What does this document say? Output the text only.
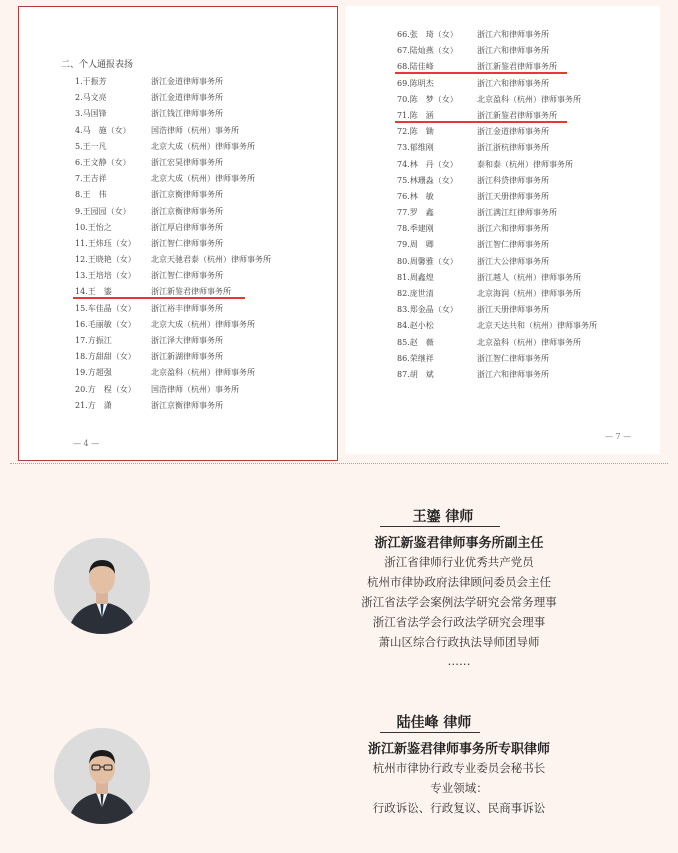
二、个人通报表扬
1.于振芳	浙江金道律师事务所
2.马文亮	浙江金道律师事务所
3.马国锋	浙江钱江律师事务所
4.马　施（女）	国浩律师（杭州）事务所
5.王一凡	北京大成（杭州）律师事务所
6.王文静（女）	浙江宏昊律师事务所
7.王吉祥	北京大成（杭州）律师事务所
8.王　伟	浙江京衡律师事务所
9.王园园（女）	浙江京衡律师事务所
10.王怡之	浙江厚启律师事务所
11.王炜珏（女） 浙江智仁律师事务所
12.王晓艳（女） 北京天驰君泰（杭州）律师事务所
13.王培培（女） 浙江智仁律师事务所
14.王　鎏	浙江新鉴君律师事务所
15.车佳晶（女） 浙江裕丰律师事务所
16.毛丽敏（女） 北京大成（杭州）律师事务所
17.方振江	浙江泽大律师事务所
18.方甜甜（女） 浙江新湖律师事务所
19.方超强	北京盈科（杭州）律师事务所
20.方　程（女） 国浩律师（杭州）事务所
21.方　潇	浙江京衡律师事务所
— 4 —
66.张　琦（女） 浙江六和律师事务所
67.陆灿燕（女） 浙江六和律师事务所
68.陆佳峰	浙江新鉴君律师事务所
69.陈明杰	浙江六和律师事务所
70.陈　梦（女） 北京盈科（杭州）律师事务所
71.陈　涵	浙江新鉴君律师事务所
72.陈　锄	浙江金道律师事务所
73.郁维刚	浙江浙杭律师事务所
74.林　丹（女） 泰和泰（杭州）律师事务所
75.林珊淼（女） 浙江科贷律师事务所
76.林　敏	浙江天册律师事务所
77.罗　鑫	浙江满江红律师事务所
78.季建刚	浙江六和律师事务所
79.周　卿	浙江智仁律师事务所
80.周馨雅（女） 浙江大公律师事务所
81.周鑫煌	浙江越人（杭州）律师事务所
82.庞世清	北京海润（杭州）律师事务所
83.郑金晶（女） 浙江天册律师事务所
84.赵小松	北京天达共和（杭州）律师事务所
85.赵　薇	北京盈科（杭州）律师事务所
86.荣继祥	浙江智仁律师事务所
87.胡　斌	浙江六和律师事务所
— 7 —
王鎏 律师
浙江新鉴君律师事务所副主任
浙江省律师行业优秀共产党员
杭州市律协政府法律顾问委员会主任
浙江省法学会案例法学研究会常务理事
浙江省法学会行政法学研究会理事
萧山区综合行政执法导师团导师
……
陆佳峰 律师
浙江新鉴君律师事务所专职律师
杭州市律协行政专业委员会秘书长
专业领域：
行政诉讼、行政复议、民商事诉讼
